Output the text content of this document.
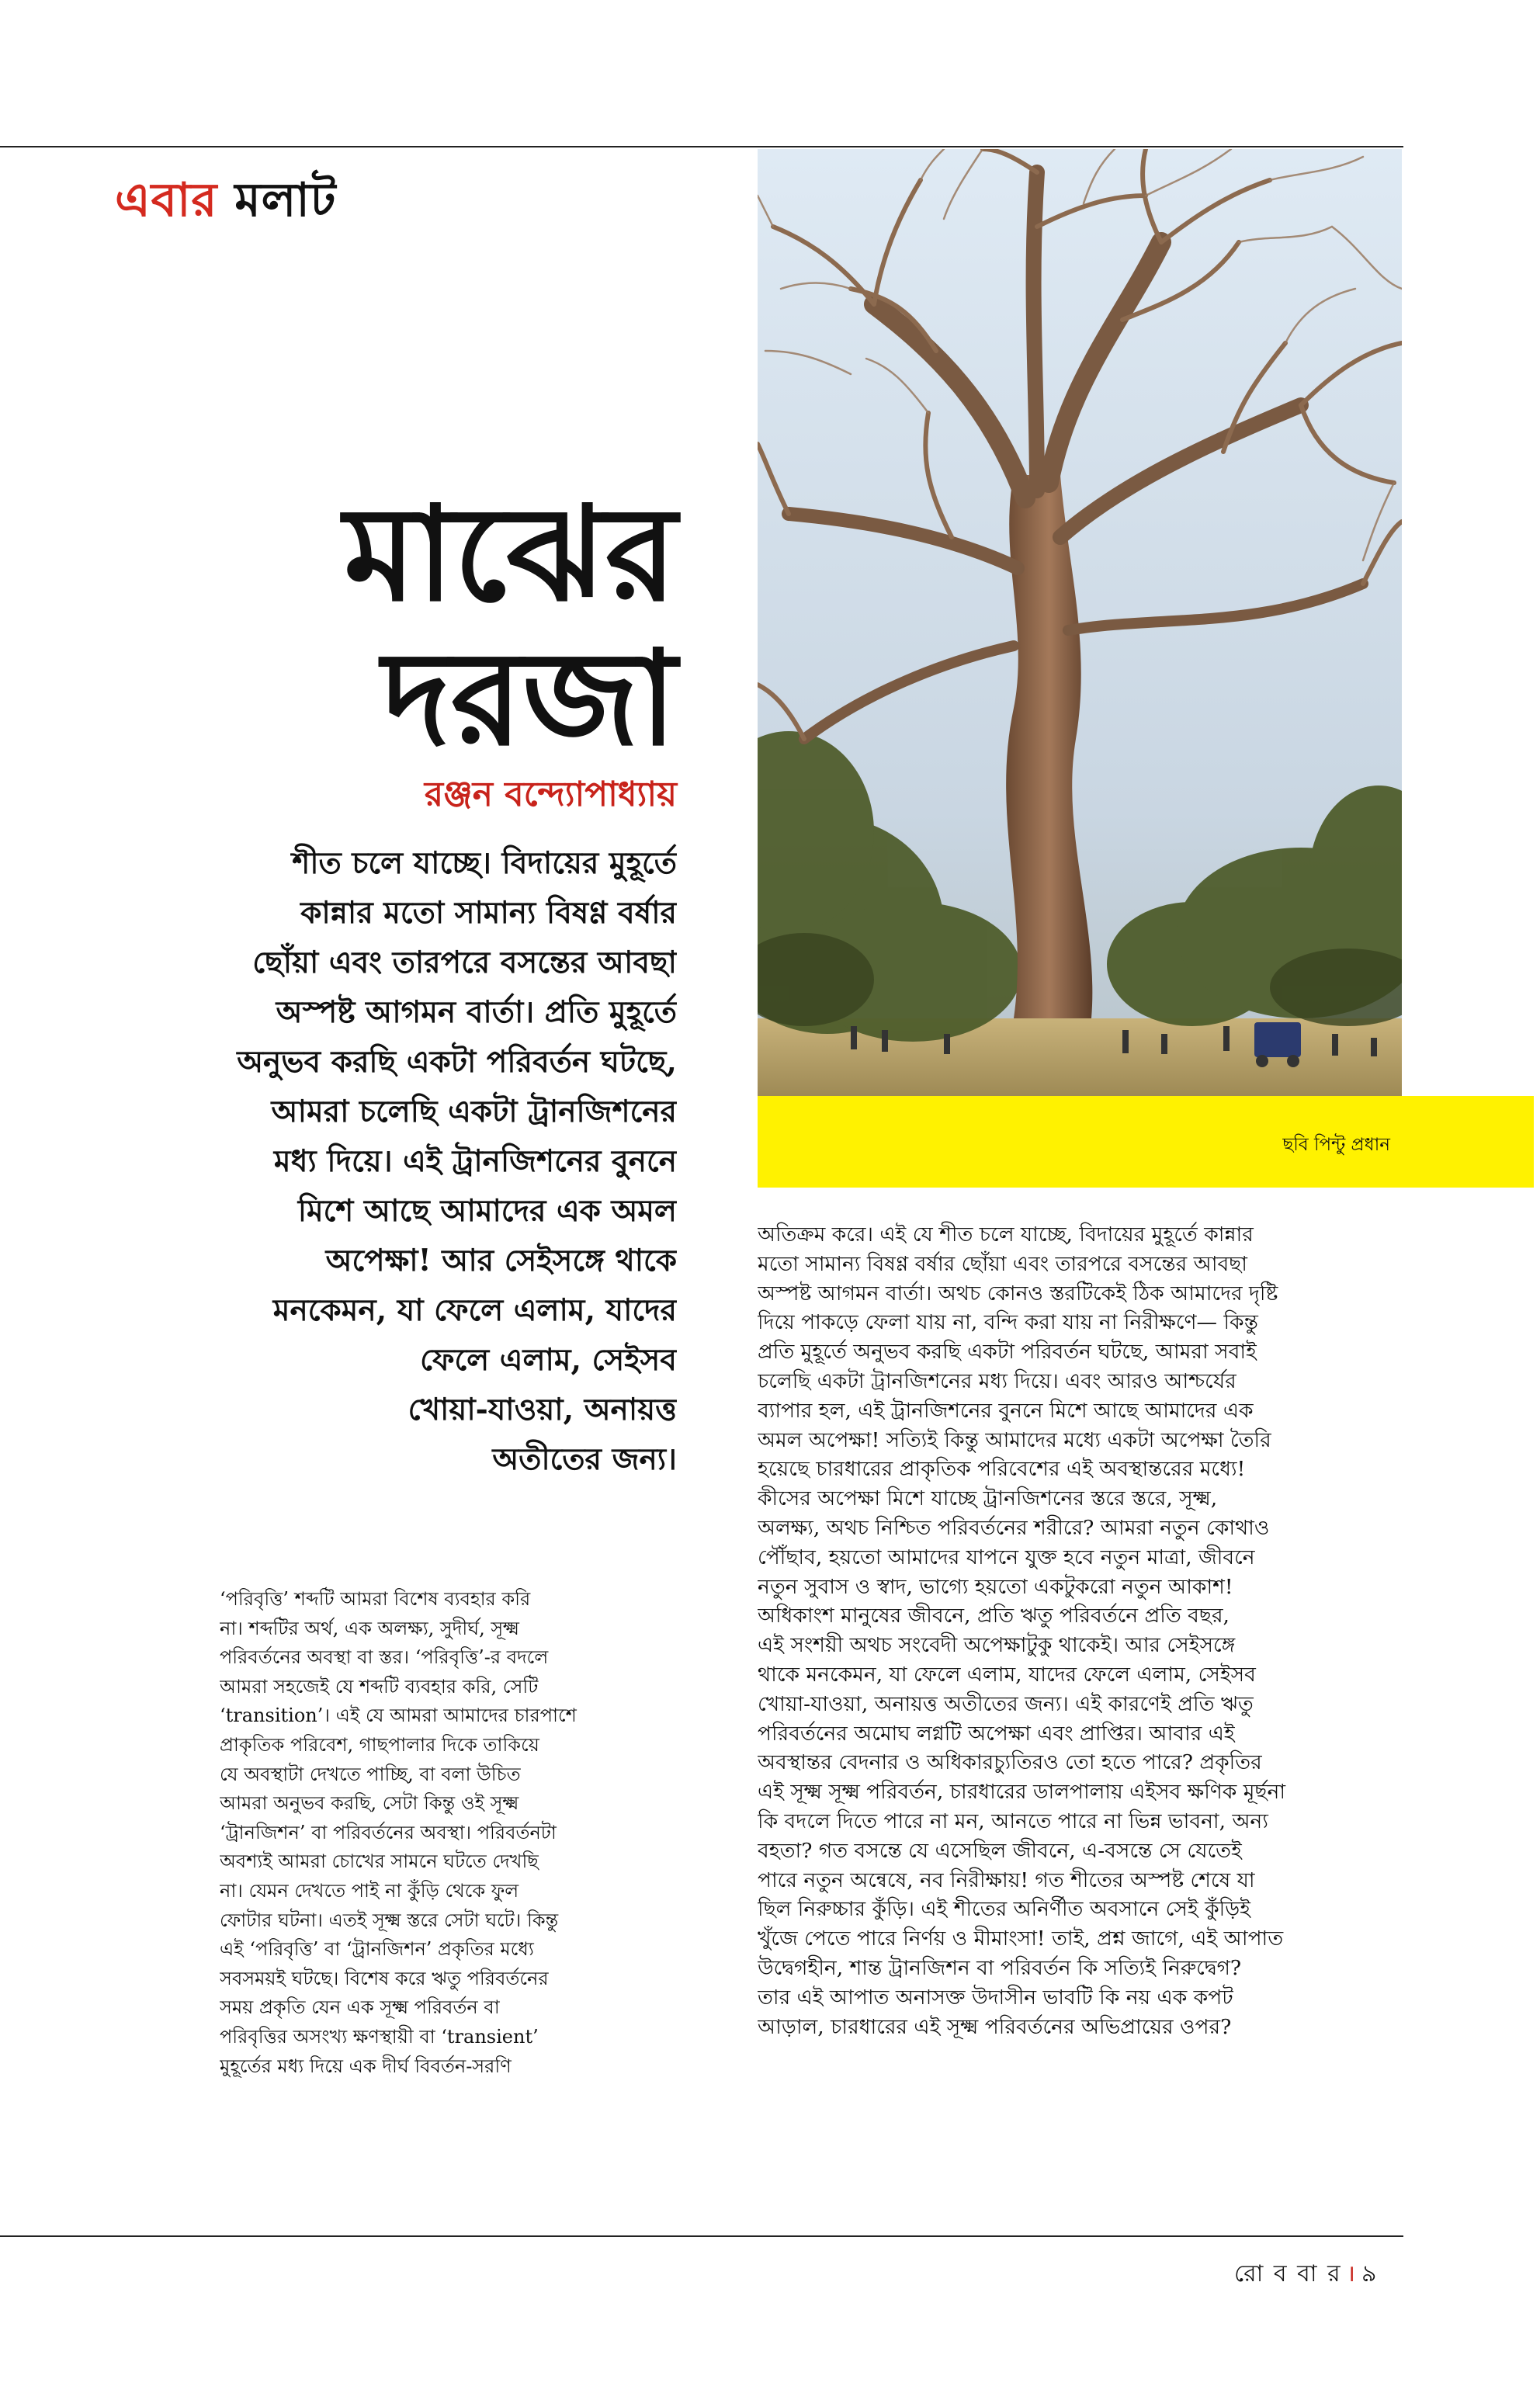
এবার মলাট
মাঝের
দরজা
রঞ্জন বন্দ্যোপাধ্যায়
শীত চলে যাচ্ছে। বিদায়ের মুহূর্তে
কান্নার মতো সামান্য বিষণ্ণ বর্ষার
ছোঁয়া এবং তারপরে বসন্তের আবছা
অস্পষ্ট আগমন বার্তা। প্রতি মুহূর্তে
অনুভব করছি একটা পরিবর্তন ঘটছে,
আমরা চলেছি একটা ট্রানজিশনের
মধ্য দিয়ে। এই ট্রানজিশনের বুননে
মিশে আছে আমাদের এক অমল
অপেক্ষা! আর সেইসঙ্গে থাকে
মনকেমন, যা ফেলে এলাম, যাদের
ফেলে এলাম, সেইসব
খোয়া-যাওয়া, অনায়ত্ত
অতীতের জন্য।
‘পরিবৃত্তি’ শব্দটি আমরা বিশেষ ব্যবহার করি
না। শব্দটির অর্থ, এক অলক্ষ্য, সুদীর্ঘ, সূক্ষ্ম
পরিবর্তনের অবস্থা বা স্তর। ‘পরিবৃত্তি’-র বদলে
আমরা সহজেই যে শব্দটি ব্যবহার করি, সেটি
‘transition’। এই যে আমরা আমাদের চারপাশে
প্রাকৃতিক পরিবেশ, গাছপালার দিকে তাকিয়ে
যে অবস্থাটা দেখতে পাচ্ছি, বা বলা উচিত
আমরা অনুভব করছি, সেটা কিন্তু ওই সূক্ষ্ম
‘ট্রানজিশন’ বা পরিবর্তনের অবস্থা। পরিবর্তনটা
অবশ্যই আমরা চোখের সামনে ঘটতে দেখছি
না। যেমন দেখতে পাই না কুঁড়ি থেকে ফুল
ফোটার ঘটনা। এতই সূক্ষ্ম স্তরে সেটা ঘটে। কিন্তু
এই ‘পরিবৃত্তি’ বা ‘ট্রানজিশন’ প্রকৃতির মধ্যে
সবসময়ই ঘটছে। বিশেষ করে ঋতু পরিবর্তনের
সময় প্রকৃতি যেন এক সূক্ষ্ম পরিবর্তন বা
পরিবৃত্তির অসংখ্য ক্ষণস্থায়ী বা ‘transient’
মুহূর্তের মধ্য দিয়ে এক দীর্ঘ বিবর্তন-সরণি
ছবি পিন্টু প্রধান
অতিক্রম করে। এই যে শীত চলে যাচ্ছে, বিদায়ের মুহূর্তে কান্নার
মতো সামান্য বিষণ্ণ বর্ষার ছোঁয়া এবং তারপরে বসন্তের আবছা
অস্পষ্ট আগমন বার্তা। অথচ কোনও স্তরটিকেই ঠিক আমাদের দৃষ্টি
দিয়ে পাকড়ে ফেলা যায় না, বন্দি করা যায় না নিরীক্ষণে— কিন্তু
প্রতি মুহূর্তে অনুভব করছি একটা পরিবর্তন ঘটছে, আমরা সবাই
চলেছি একটা ট্রানজিশনের মধ্য দিয়ে। এবং আরও আশ্চর্যের
ব্যাপার হল, এই ট্রানজিশনের বুননে মিশে আছে আমাদের এক
অমল অপেক্ষা! সত্যিই কিন্তু আমাদের মধ্যে একটা অপেক্ষা তৈরি
হয়েছে চারধারের প্রাকৃতিক পরিবেশের এই অবস্থান্তরের মধ্যে!
কীসের অপেক্ষা মিশে যাচ্ছে ট্রানজিশনের স্তরে স্তরে, সূক্ষ্ম,
অলক্ষ্য, অথচ নিশ্চিত পরিবর্তনের শরীরে? আমরা নতুন কোথাও
পৌঁছাব, হয়তো আমাদের যাপনে যুক্ত হবে নতুন মাত্রা, জীবনে
নতুন সুবাস ও স্বাদ, ভাগ্যে হয়তো একটুকরো নতুন আকাশ!
অধিকাংশ মানুষের জীবনে, প্রতি ঋতু পরিবর্তনে প্রতি বছর,
এই সংশয়ী অথচ সংবেদী অপেক্ষাটুকু থাকেই। আর সেইসঙ্গে
থাকে মনকেমন, যা ফেলে এলাম, যাদের ফেলে এলাম, সেইসব
খোয়া-যাওয়া, অনায়ত্ত অতীতের জন্য। এই কারণেই প্রতি ঋতু
পরিবর্তনের অমোঘ লগ্নটি অপেক্ষা এবং প্রাপ্তির। আবার এই
অবস্থান্তর বেদনার ও অধিকারচ্যুতিরও তো হতে পারে? প্রকৃতির
এই সূক্ষ্ম সূক্ষ্ম পরিবর্তন, চারধারের ডালপালায় এইসব ক্ষণিক মূর্ছনা
কি বদলে দিতে পারে না মন, আনতে পারে না ভিন্ন ভাবনা, অন্য
বহতা? গত বসন্তে যে এসেছিল জীবনে, এ-বসন্তে সে যেতেই
পারে নতুন অন্বেষে, নব নিরীক্ষায়! গত শীতের অস্পষ্ট শেষে যা
ছিল নিরুচ্চার কুঁড়ি। এই শীতের অনির্ণীত অবসানে সেই কুঁড়িই
খুঁজে পেতে পারে নির্ণয় ও মীমাংসা! তাই, প্রশ্ন জাগে, এই আপাত
উদ্বেগহীন, শান্ত ট্রানজিশন বা পরিবর্তন কি সত্যিই নিরুদ্বেগ?
তার এই আপাত অনাসক্ত উদাসীন ভাবটি কি নয় এক কপট
আড়াল, চারধারের এই সূক্ষ্ম পরিবর্তনের অভিপ্রায়ের ওপর?
রো ব বা র । ৯
